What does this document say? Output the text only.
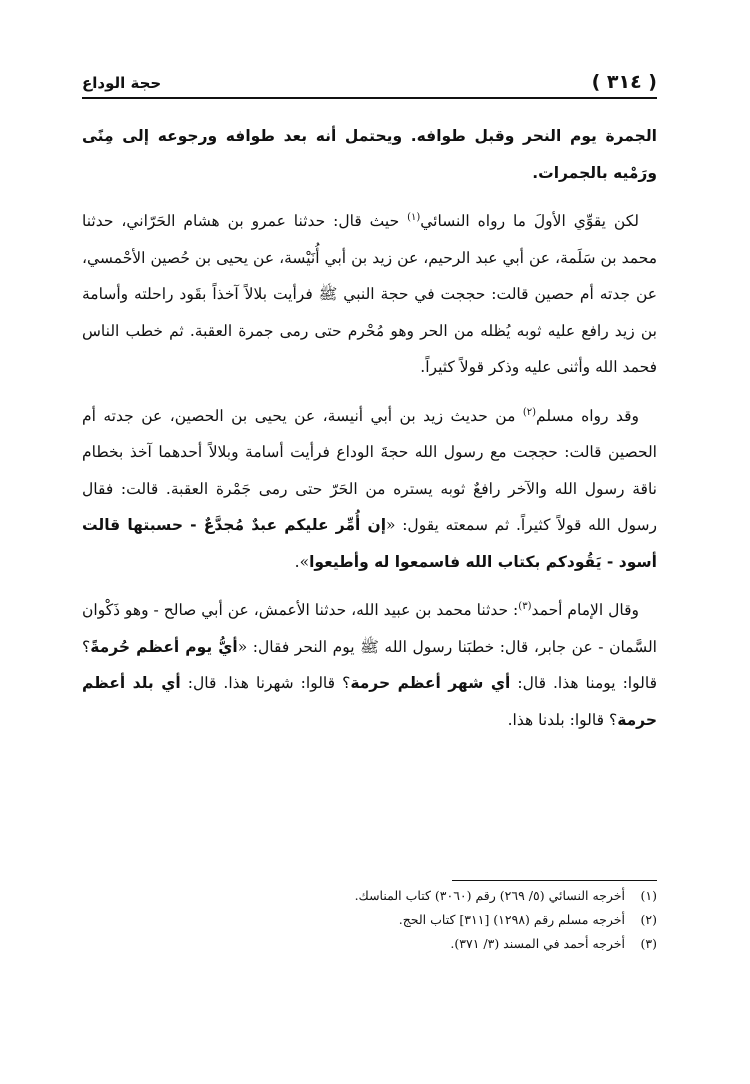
( ٣١٤ )
حجة الوداع

الجمرة يوم النحر وقبل طوافه. ويحتمل أنه بعد طوافه ورجوعه إلى مِنًى ورَمْيه بالجمرات.

لكن يقوِّي الأولَ ما رواه النسائي$^{(١)}$ حيث قال: حدثنا عمرو بن هشام الحَرّاني، حدثنا محمد بن سَلَمة، عن أبي عبد الرحيم، عن زيد بن أبي أُنَيْسة، عن يحيى بن حُصين الأحْمسي، عن جدته أم حصين قالت: حججت في حجة النبي ﷺ فرأيت بلالاً آخذاً بقَود راحلته وأسامة بن زيد رافع عليه ثوبه يُظله من الحر وهو مُحْرم حتى رمى جمرة العقبة. ثم خطب الناس فحمد الله وأثنى عليه وذكر قولاً كثيراً.

وقد رواه مسلم$^{(٢)}$ من حديث زيد بن أبي أنيسة، عن يحيى بن الحصين، عن جدته أم الحصين قالت: حججت مع رسول الله حجةَ الوداع فرأيت أسامة وبلالاً أحدهما آخذ بخطام ناقة رسول الله والآخر رافعٌ ثوبه يستره من الحَرّ حتى رمى جَمْرة العقبة. قالت: فقال رسول الله قولاً كثيراً. ثم سمعته يقول: «إن أُمِّر عليكم عبدٌ مُجدَّعٌ - حسبتها قالت أسود - يَقُودكم بكتاب الله فاسمعوا له وأطيعوا».

وقال الإمام أحمد$^{(٣)}$: حدثنا محمد بن عبيد الله، حدثنا الأعمش، عن أبي صالح - وهو ذَكْوان السَّمان - عن جابر، قال: خطبَنا رسول الله ﷺ يوم النحر فقال: «أيُّ يوم أعظم حُرمةً؟ قالوا: يومنا هذا. قال: أي شهر أعظم حرمة؟ قالوا: شهرنا هذا. قال: أي بلد أعظم حرمة؟ قالوا: بلدنا هذا.

(١)أخرجه النسائي (٥/ ٢٦٩) رقم (٣٠٦٠) كتاب المناسك.
(٢)أخرجه مسلم رقم (١٢٩٨) [٣١١] كتاب الحج.
(٣)أخرجه أحمد في المسند (٣/ ٣٧١).
